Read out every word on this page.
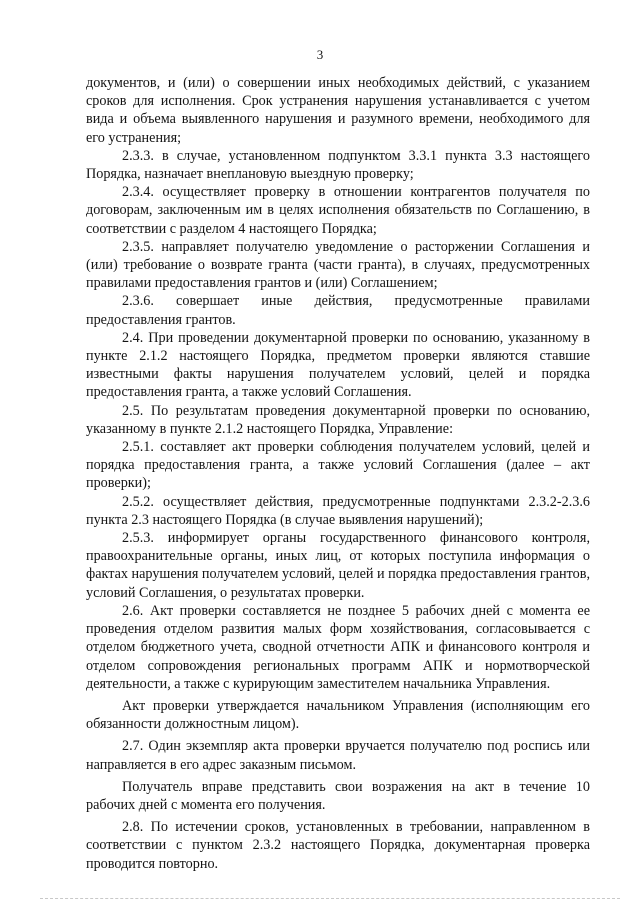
3

документов, и (или) о совершении иных необходимых действий, с указанием сроков для исполнения. Срок устранения нарушения устанавливается с учетом вида и объема выявленного нарушения и разумного времени, необходимого для его устранения;

2.3.3. в случае, установленном подпунктом 3.3.1 пункта 3.3 настоящего Порядка, назначает внеплановую выездную проверку;

2.3.4. осуществляет проверку в отношении контрагентов получателя по договорам, заключенным им в целях исполнения обязательств по Соглашению, в соответствии с разделом 4 настоящего Порядка;

2.3.5. направляет получателю уведомление о расторжении Соглашения и (или) требование о возврате гранта (части гранта), в случаях, предусмотренных правилами предоставления грантов и (или) Соглашением;

2.3.6. совершает иные действия, предусмотренные правилами предоставления грантов.

2.4. При проведении документарной проверки по основанию, указанному в пункте 2.1.2 настоящего Порядка, предметом проверки являются ставшие известными факты нарушения получателем условий, целей и порядка предоставления гранта, а также условий Соглашения.

2.5. По результатам проведения документарной проверки по основанию, указанному в пункте 2.1.2 настоящего Порядка, Управление:

2.5.1. составляет акт проверки соблюдения получателем условий, целей и порядка предоставления гранта, а также условий Соглашения (далее – акт проверки);

2.5.2. осуществляет действия, предусмотренные подпунктами 2.3.2-2.3.6 пункта 2.3 настоящего Порядка (в случае выявления нарушений);

2.5.3. информирует органы государственного финансового контроля, правоохранительные органы, иных лиц, от которых поступила информация о фактах нарушения получателем условий, целей и порядка предоставления грантов, условий Соглашения, о результатах проверки.

2.6. Акт проверки составляется не позднее 5 рабочих дней с момента ее проведения отделом развития малых форм хозяйствования, согласовывается с отделом бюджетного учета, сводной отчетности АПК и финансового контроля и отделом сопровождения региональных программ АПК и нормотворческой деятельности, а также с курирующим заместителем начальника Управления.

Акт проверки утверждается начальником Управления (исполняющим его обязанности должностным лицом).

2.7. Один экземпляр акта проверки вручается получателю под роспись или направляется в его адрес заказным письмом.

Получатель вправе представить свои возражения на акт в течение 10 рабочих дней с момента его получения.

2.8. По истечении сроков, установленных в требовании, направленном в соответствии с пунктом 2.3.2 настоящего Порядка, документарная проверка проводится повторно.
